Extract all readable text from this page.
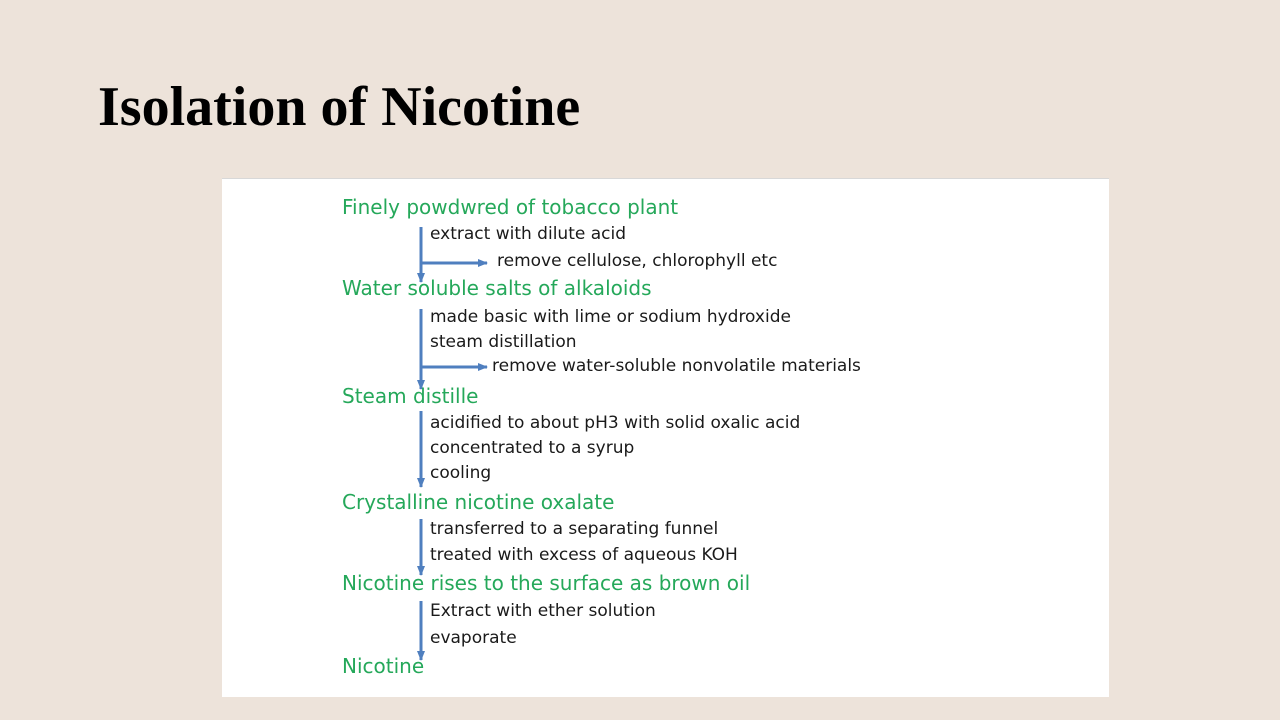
Isolation of Nicotine
Finely powdwred of tobacco plant
Water soluble salts of alkaloids
Steam distille
Crystalline nicotine oxalate
Nicotine rises to the surface as brown oil
Nicotine
extract with dilute acid
remove cellulose, chlorophyll etc
made basic with lime or sodium hydroxide
steam distillation
remove water-soluble nonvolatile materials
acidified to about pH3 with solid oxalic acid
concentrated to a syrup
cooling
transferred to a separating funnel
treated with excess of aqueous KOH
Extract with ether solution
evaporate
